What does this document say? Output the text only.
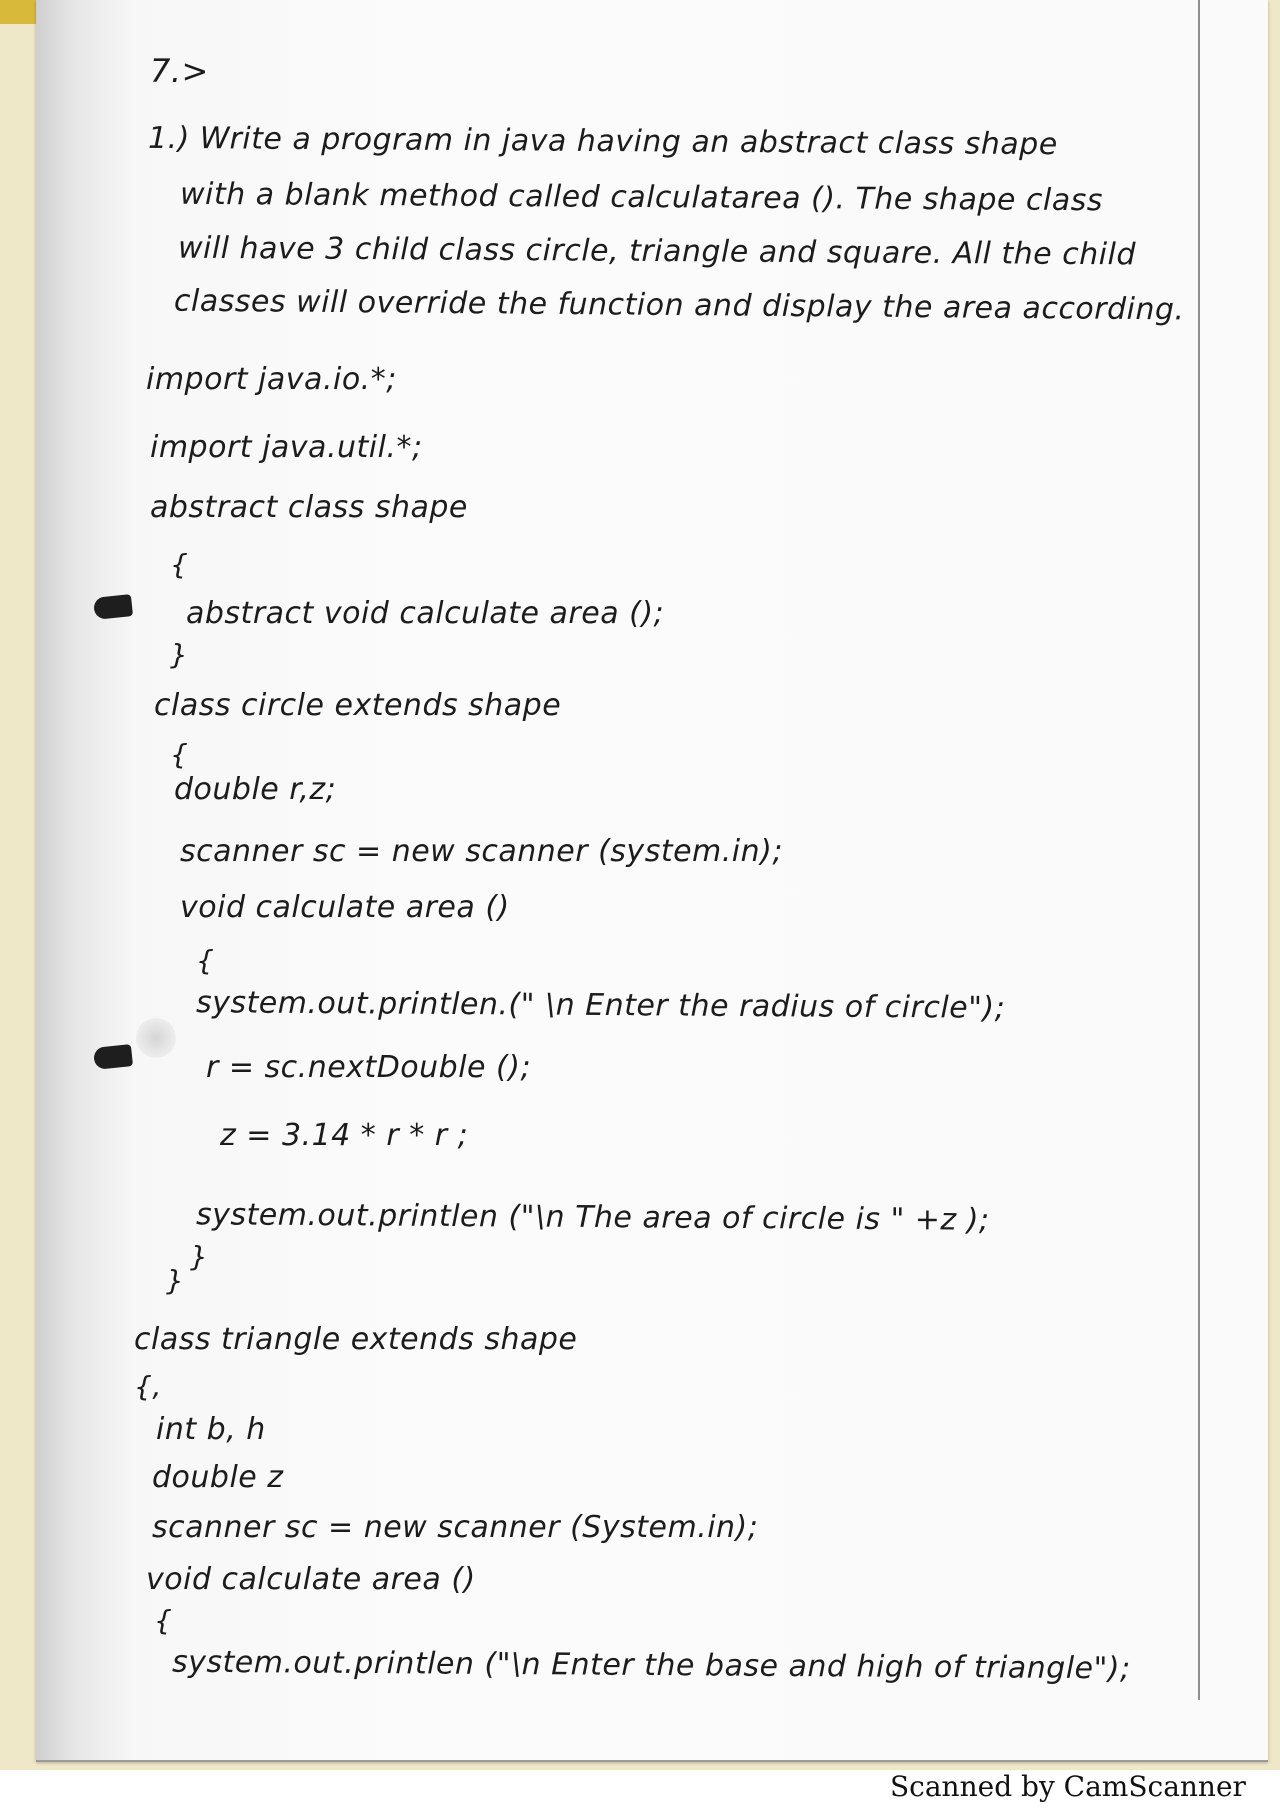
7.>
1.) Write a program in java having an abstract class shape
with a blank method called calculatarea (). The shape class
will have 3 child class circle, triangle and square. All the child
classes will override the function and display the area according.
import java.io.*;
import java.util.*;
abstract class shape
{
abstract void calculate area ();
}
class circle extends shape
{
double r,z;
scanner sc = new scanner (system.in);
void calculate area ()
{
system.out.printlen.(" \n Enter the radius of circle");
r = sc.nextDouble ();
z = 3.14 * r * r ;
system.out.printlen ("\n The area of circle is " +z );
}
}
class triangle extends shape
{,
int b, h
double z
scanner sc = new scanner (System.in);
void calculate area ()
{
system.out.printlen ("\n Enter the base and high of triangle");
Scanned by CamScanner
